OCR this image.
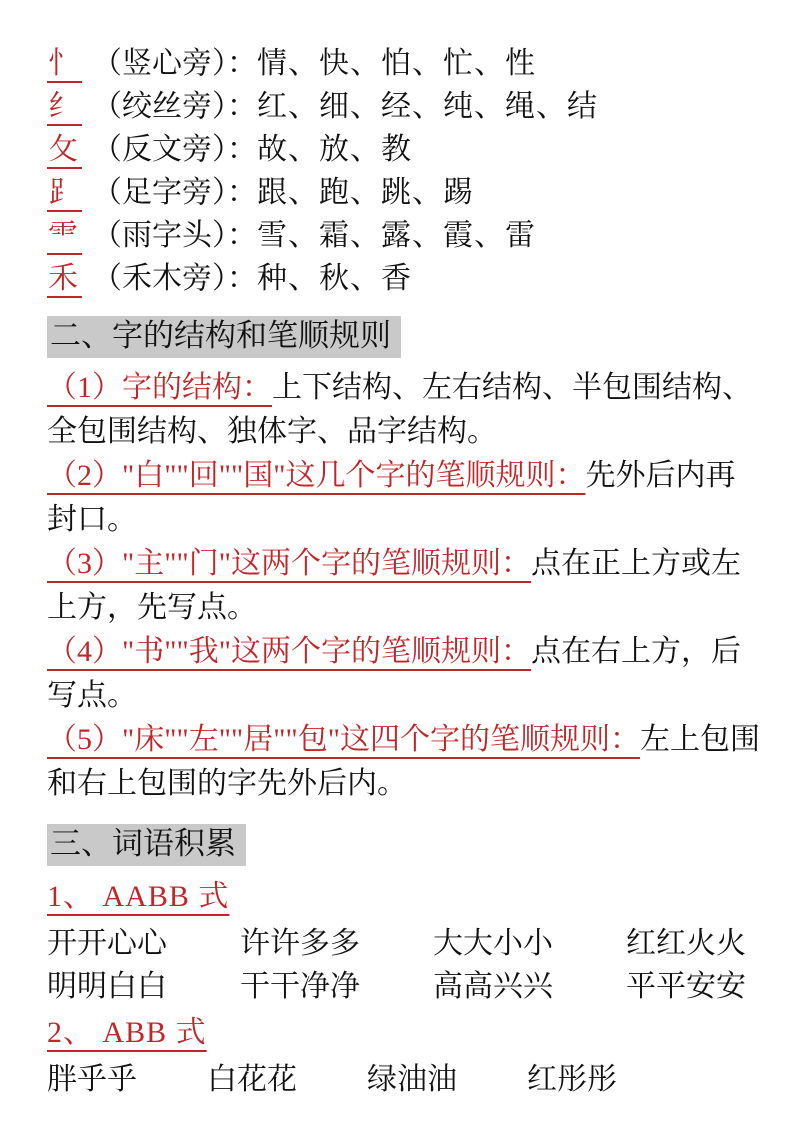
忄 （竖心旁）：情、快、怕、忙、性

纟 （绞丝旁）：红、细、经、纯、绳、结

攵 （反文旁）：故、放、教

⻊ （足字旁）：跟、跑、跳、踢

⻗ （雨字头）：雪、霜、露、霞、雷

禾 （禾木旁）：种、秋、香

二、字的结构和笔顺规则

（1）字的结构：上下结构、左右结构、半包围结构、全包围结构、独体字、品字结构。

（2）"白""回""国"这几个字的笔顺规则：先外后内再封口。

（3）"主""门"这两个字的笔顺规则：点在正上方或左上方，先写点。

（4）"书""我"这两个字的笔顺规则：点在右上方，后写点。

（5）"床""左""居""包"这四个字的笔顺规则：左上包围和右上包围的字先外后内。

三、词语积累
1、 AABB 式

开开心心	许许多多	大大小小	红红火火

明明白白	干干净净	高高兴兴	平平安安

2、 ABB 式

胖乎乎	白花花	绿油油	红彤彤
